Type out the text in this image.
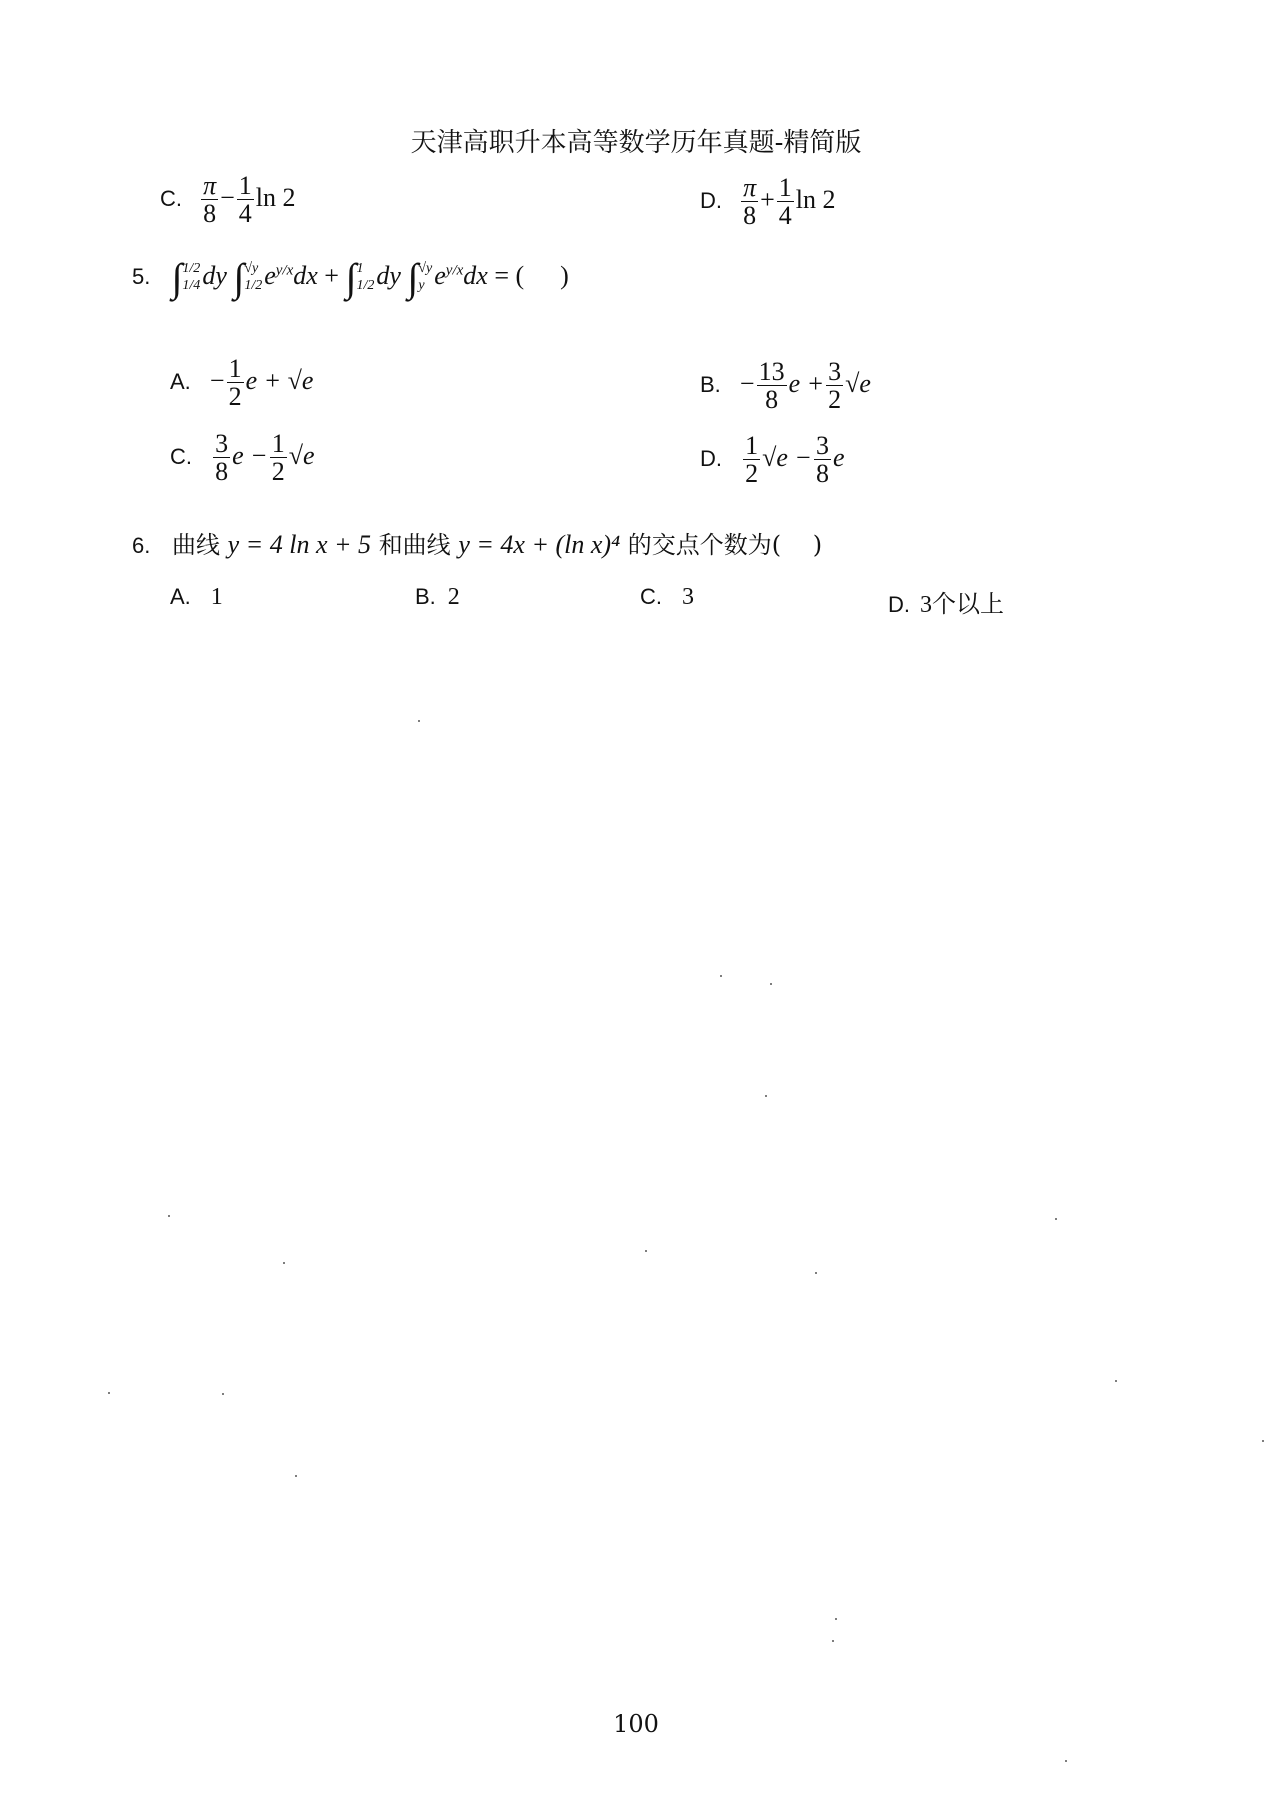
天津高职升本高等数学历年真题-精简版
C. $\frac{\pi}{8} - \frac{1}{4}$ ln 2	D. $\frac{\pi}{8} + \frac{1}{4}$ ln 2
5. ∫ 1/2
1/4 dy ∫ √y
1/2 $e^{y/x}dx$ + ∫ 1
1/2 dy ∫ √y
y $e^{y/x}dx$ = ( )
A. − $\frac{1}{2}$ e + √e	B. − $\frac{13}{8}$ $e + \frac{3}{2} √e$
C. $\frac{3}{8}$ $e - \frac{1}{2} √e$	D. $\frac{1}{2} √e - \frac{3}{8}$ e
6. 曲线 y = 4 ln x + 5 和曲线 y = 4x + (ln x)⁴ 的交点个数为(　 )
A. 1	B. 2	C. 3	D. 3个以上
100
